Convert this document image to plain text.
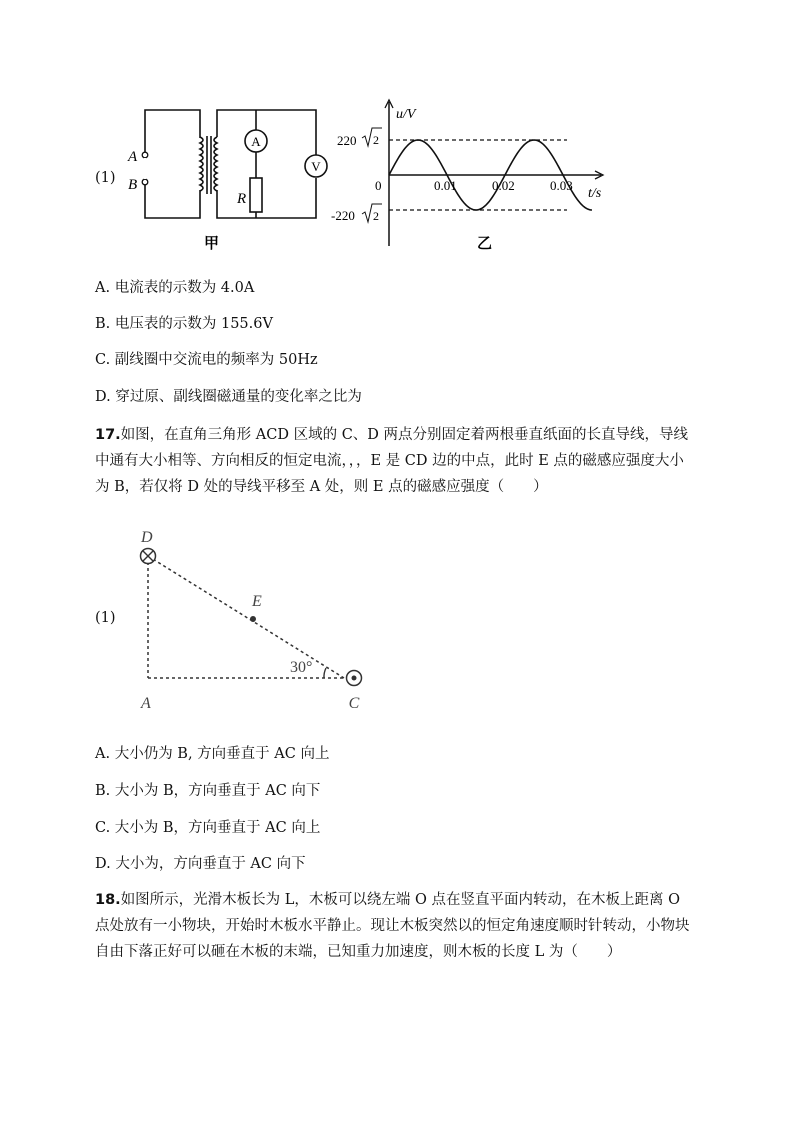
(1)
A
V
A
B
R
甲
u/V
t/s
0
220 2
-220 2
0.01	0.02	0.03
乙
A. 电流表的示数为 4.0A
B. 电压表的示数为 155.6V
C. 副线圈中交流电的频率为 50Hz
D. 穿过原、副线圈磁通量的变化率之比为
17.如图，在直角三角形 ACD 区域的 C、D 两点分别固定着两根垂直纸面的长直导线，导线中通有大小相等、方向相反的恒定电流，，，E 是 CD 边的中点，此时 E 点的磁感应强度大小为 B，若仅将 D 处的导线平移至 A 处，则 E 点的磁感应强度（　　）
(1)
D
E
A	C
30°
A. 大小仍为 B, 方向垂直于 AC 向上
B. 大小为 B，方向垂直于 AC 向下
C. 大小为 B，方向垂直于 AC 向上
D. 大小为，方向垂直于 AC 向下
18.如图所示，光滑木板长为 L，木板可以绕左端 O 点在竖直平面内转动，在木板上距离 O 点处放有一小物块，开始时木板水平静止。现让木板突然以的恒定角速度顺时针转动，小物块自由下落正好可以砸在木板的末端，已知重力加速度，则木板的长度 L 为（　　）
